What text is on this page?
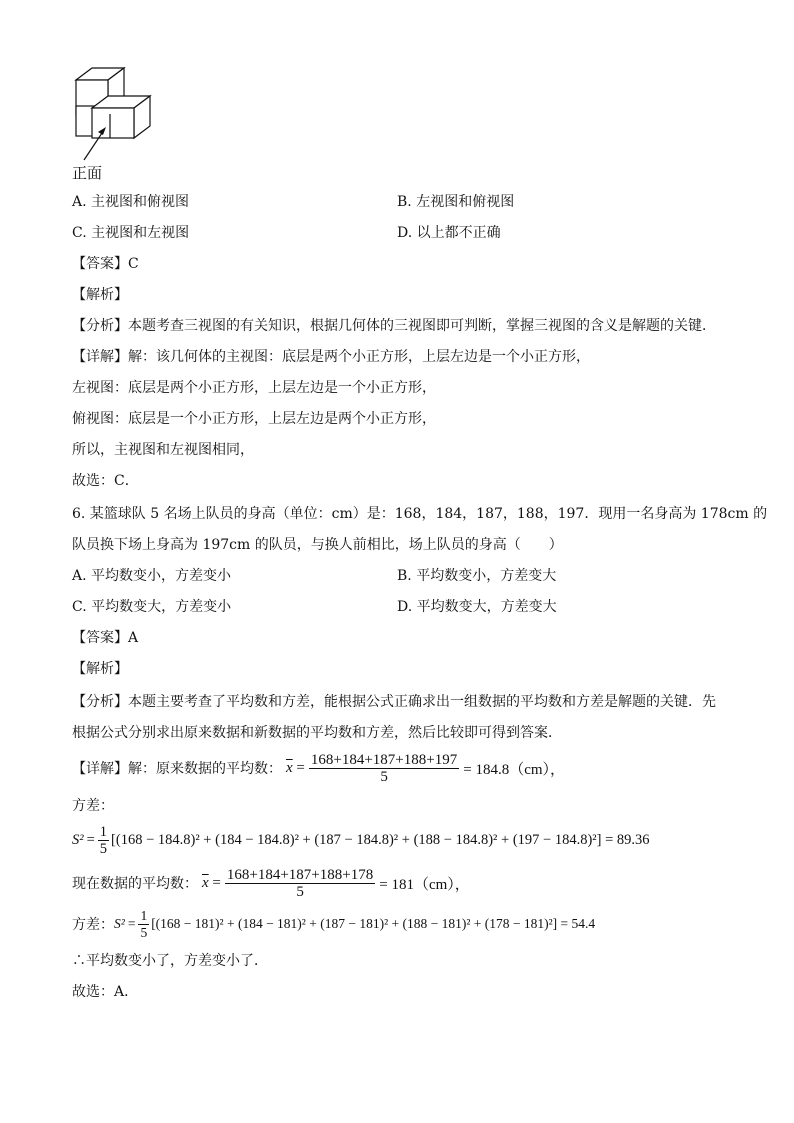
正面
A. 主视图和俯视图	B. 左视图和俯视图
C. 主视图和左视图	D. 以上都不正确
【答案】C
【解析】
【分析】本题考查三视图的有关知识，根据几何体的三视图即可判断，掌握三视图的含义是解题的关键．
【详解】解：该几何体的主视图：底层是两个小正方形，上层左边是一个小正方形，
左视图：底层是两个小正方形，上层左边是一个小正方形，
俯视图：底层是一个小正方形，上层左边是两个小正方形，
所以，主视图和左视图相同，
故选：C．
6. 某篮球队 5 名场上队员的身高（单位：cm）是：168，184，187，188，197．现用一名身高为 178cm 的
队员换下场上身高为 197cm 的队员，与换人前相比，场上队员的身高（　　）
A. 平均数变小，方差变小	B. 平均数变小，方差变大
C. 平均数变大，方差变小	D. 平均数变大，方差变大
【答案】A
【解析】
【分析】本题主要考查了平均数和方差，能根据公式正确求出一组数据的平均数和方差是解题的关键．先
根据公式分别求出原来数据和新数据的平均数和方差，然后比较即可得到答案．
【详解】解：原来数据的平均数： $\overline{x} = \frac{168+184+187+188+197}{5} = 184.8(cm)$，
方差：
$S^2 = \frac{1}{5} [(168 - 184.8)^2 + (184 - 184.8)^2 + (187 - 184.8)^2 + (188 - 184.8)^2 + (197 - 184.8)^2] = 89.36$
现在数据的平均数： $\overline{x} = \frac{168+184+187+188+178}{5} = 181(cm)$，
方差： $S^2 = \frac{1}{5} [(168 - 181)^2 + (184 - 181)^2 + (187 - 181)^2 + (188 - 181)^2 + (178 - 181)^2] = 54.4$
∴平均数变小了，方差变小了．
故选：A．
